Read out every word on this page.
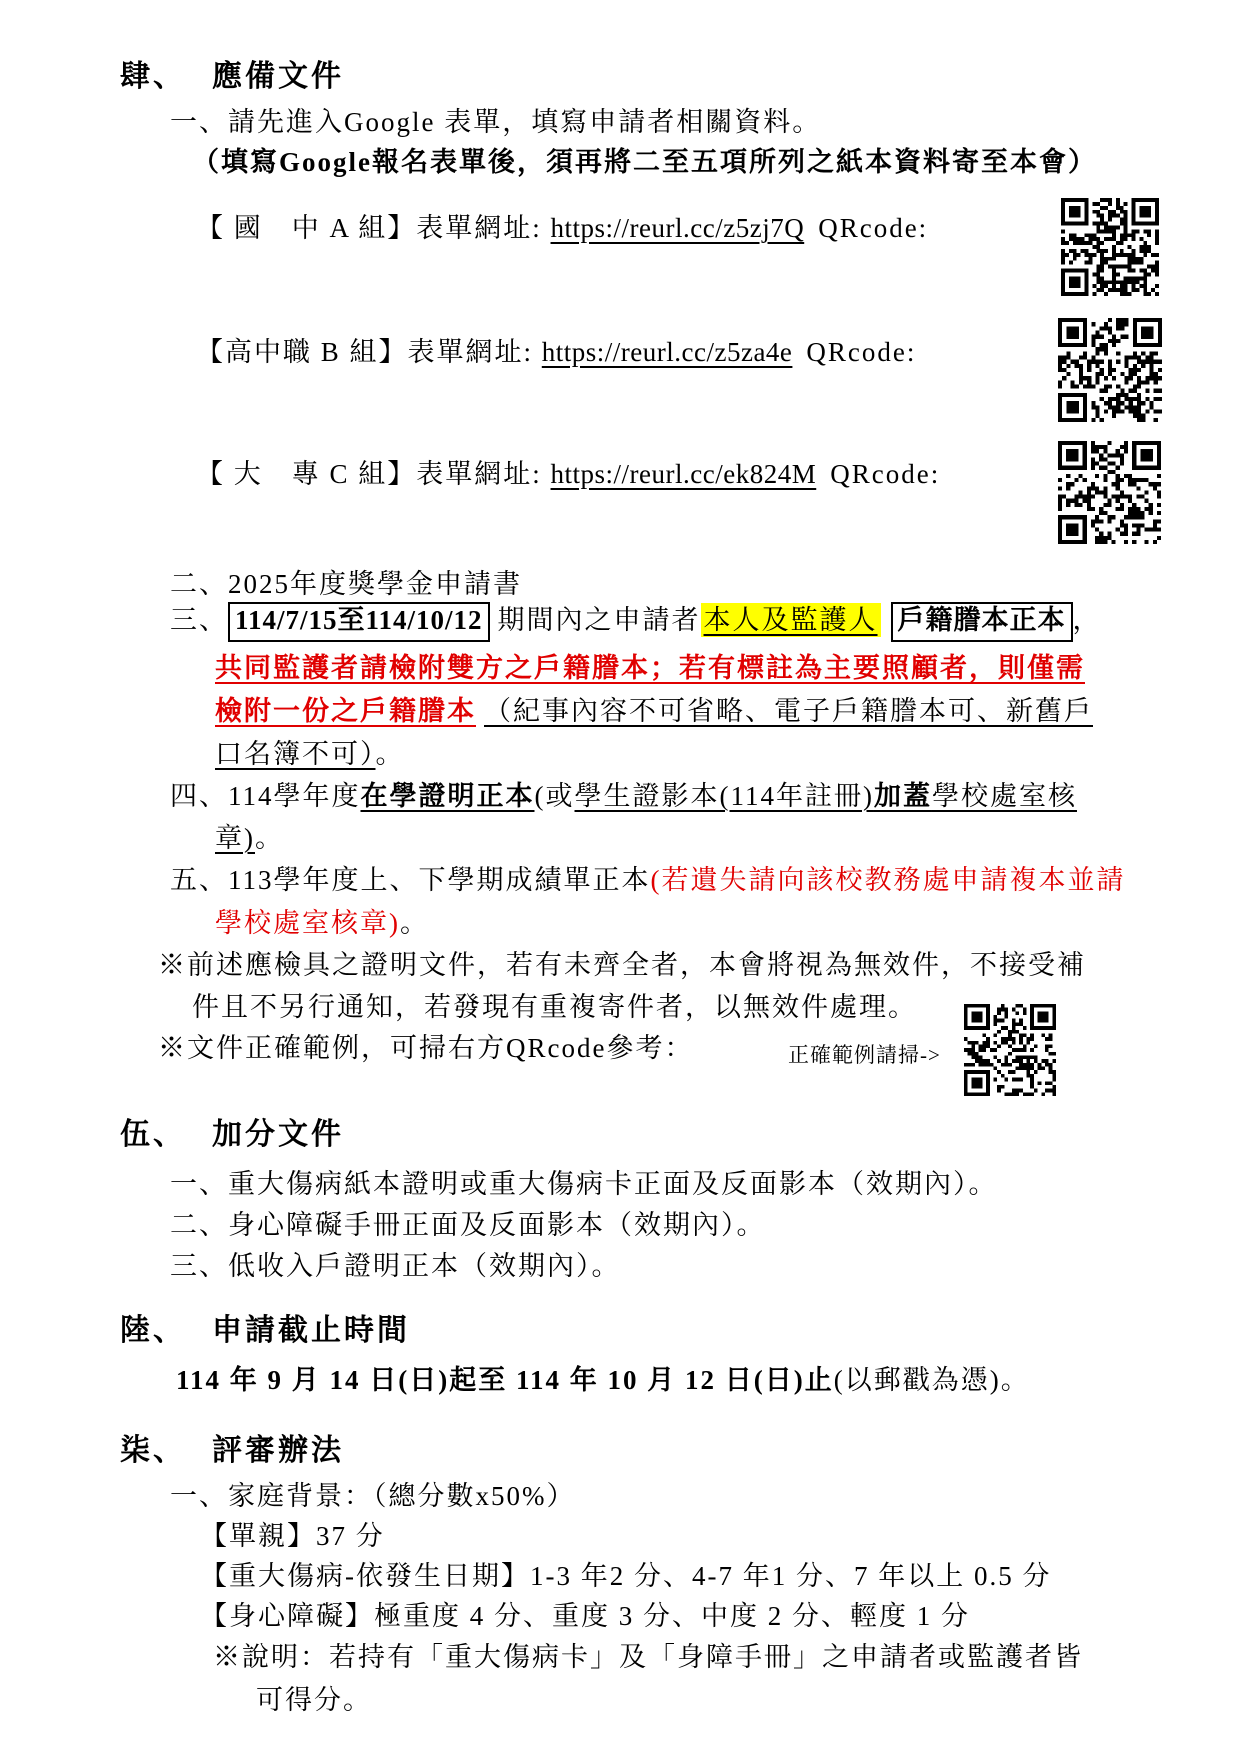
肆、 應備文件
一、請先進入Google 表單，填寫申請者相關資料。
（填寫Google報名表單後，須再將二至五項所列之紙本資料寄至本會）
【 國　中 A 組】表單網址: https://reurl.cc/z5zj7Q QRcode:
【高中職 B 組】表單網址: https://reurl.cc/z5za4e QRcode:
【 大　專 C 組】表單網址: https://reurl.cc/ek824M QRcode:
二、2025年度獎學金申請書
三、 114/7/15至114/10/12 期間內之申請者 本人及監護人 戶籍謄本正本 ，
共同監護者請檢附雙方之戶籍謄本；若有標註為主要照顧者，則僅需
檢附一份之戶籍謄本 （紀事內容不可省略、電子戶籍謄本可、新舊戶
口名簿不可）。
四、114學年度在學證明正本(或學生證影本(114年註冊)加蓋學校處室核
章)。
五、113學年度上、下學期成績單正本(若遺失請向該校教務處申請複本並請
學校處室核章)。
※前述應檢具之證明文件，若有未齊全者，本會將視為無效件，不接受補
件且不另行通知，若發現有重複寄件者，以無效件處理。
※文件正確範例，可掃右方QRcode參考：	正確範例請掃->
伍、 加分文件
一、重大傷病紙本證明或重大傷病卡正面及反面影本（效期內）。
二、身心障礙手冊正面及反面影本（效期內）。
三、低收入戶證明正本（效期內）。
陸、 申請截止時間
114 年 9 月 14 日(日)起至 114 年 10 月 12 日(日)止(以郵戳為憑)。
柒、 評審辦法
一、家庭背景：（總分數x50%）
【單親】37 分
【重大傷病-依發生日期】1-3 年2 分、4-7 年1 分、7 年以上 0.5 分
【身心障礙】極重度 4 分、重度 3 分、中度 2 分、輕度 1 分
※說明：若持有「重大傷病卡」及「身障手冊」之申請者或監護者皆
可得分。
